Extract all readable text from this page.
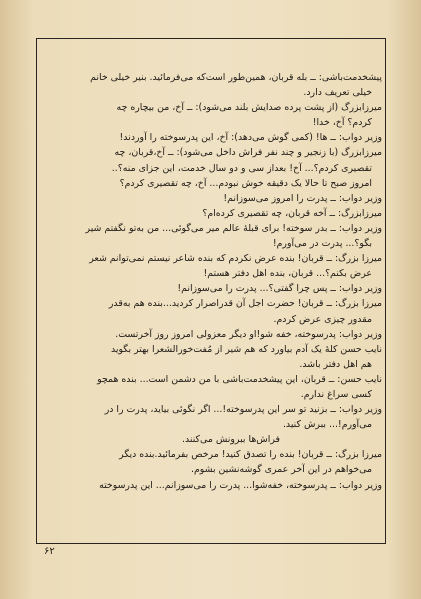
پیشخدمت‌باشی: ــ بله قربان، همین‌طور است‌که می‌فرمائید. بنیر خیلی خانم
خیلی تعریف دارد.
میرزابزرگ (از پشت پرده صدایش بلند می‌شود): ــ آخ، من بیچاره چه
کردم؟ آخ، خدا!
وزیر دواب: ــ ها! (کمی گوش می‌دهد): آخ، این پدرسوخته را آوردند!
میرزابزرگ (با زنجیر و چند نفر فراش داخل می‌شود): ــ آخ،قربان، چه
تقصیری کردم؟... آخ! بعداز سی و دو سال خدمت، این جزای منه؟..
امروز صبح تا حالا یک دقیقه خوش نبودم... آخ، چه تقصیری کردم؟
وزیر دواب: ــ پدرت را امروز می‌سوزانم!
میرزابزرگ: ــ آخه قربان، چه تقصیری کرده‌ام؟
وزیر دواب: ــ بدر سوخته! برای قبلهٔ عالم میر می‌گوئی... من به‌تو نگفتم شیر
بگو؟... پدرت در می‌آورم!
میرزا بزرگ: ــ قربان! بنده عرض نکردم که بنده شاعر نیستم نمی‌توانم شعر
عرض بکنم؟... قربان، بنده اهل دفتر هستم!
وزیر دواب: ــ پس چرا گفتی؟... پدرت را می‌سوزانم!
میرزا بزرگ: ــ قربان! حضرت اجل آن قدراصرار کردید...بنده هم به‌قدر
مقدور چیزی عرض کردم.
وزیر دواب: پدرسوخته، خفه شو!او دیگر معزولی امروز روز آخرتست.
نایب حسن کلهٔ یک آدم بیاورد که هم شیر از مُفت‌خورالشعرا بهتر بگوید
هم اهل دفتر باشد.
نایب حسن: ــ قربان، این پیشخدمت‌باشی با من دشمن است... بنده همچو
کسی سراغ ندارم.
وزیر دواب: ــ بزنید تو سر این پدرسوخته!... اگر نگوئی بیاید، پدرت را در
می‌آورم!... ببرش کنید.
فراش‌ها ببرونش می‌کنند.
میرزا بزرگ: ــ قربان! بنده را تصدق کنید! مرخص بفرمائید.بنده دیگر
می‌خواهم در این آخر عمری گوشه‌نشین بشوم.
وزیر دواب: ــ پدرسوخته، خفه‌شوا... پدرت را می‌سوزانم... این پدرسوخته
۶۲
